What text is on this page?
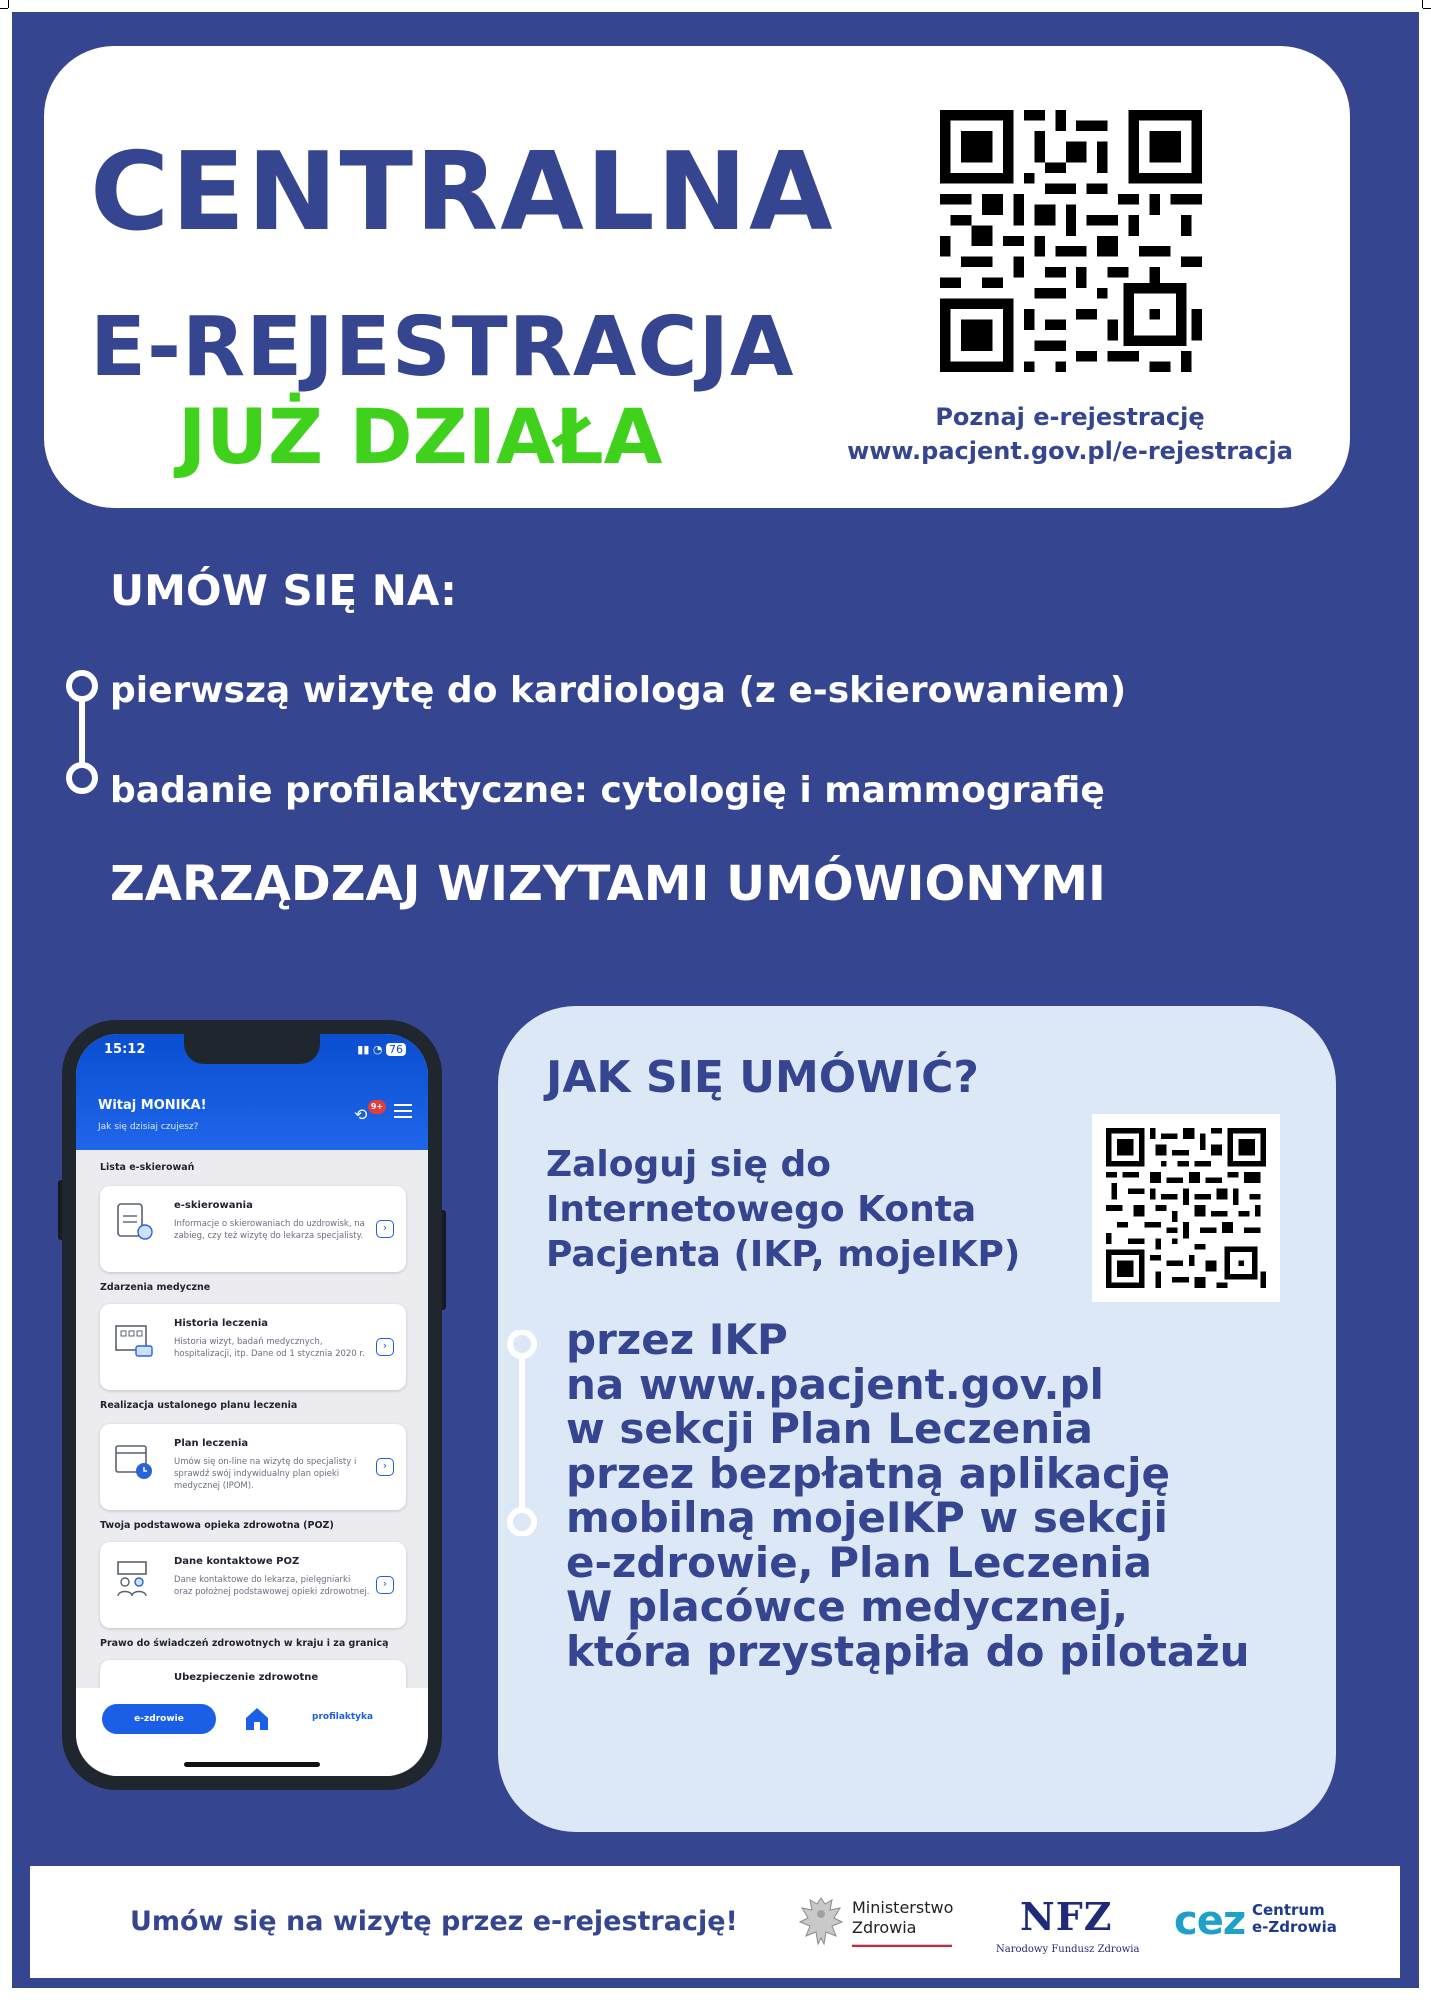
CENTRALNA
E-REJESTRACJA
JUŻ DZIAŁA	Poznaj e-rejestrację
www.pacjent.gov.pl/e-rejestracja
UMÓW SIĘ NA:
pierwszą wizytę do kardiologa (z e-skierowaniem)
badanie profilaktyczne: cytologię i mammografię
ZARZĄDZAJ WIZYTAMI UMÓWIONYMI
15:12	▮▮ ◔ 76
Witaj MONIKA!
Jak się dzisiaj czujesz?
⟲ 9+
Lista e-skierowań
e-skierowania
Informacje o skierowaniach do uzdrowisk, na zabieg, czy też wizytę do lekarza specjalisty.
›
Zdarzenia medyczne
Historia leczenia
Historia wizyt, badań medycznych, hospitalizacji, itp. Dane od 1 stycznia 2020 r.
›
Realizacja ustalonego planu leczenia
Plan leczenia
Umów się on-line na wizytę do specjalisty i sprawdź swój indywidualny plan opieki medycznej (IPOM).
›
Twoja podstawowa opieka zdrowotna (POZ)
Dane kontaktowe POZ
Dane kontaktowe do lekarza, pielęgniarki oraz położnej podstawowej opieki zdrowotnej.
›
Prawo do świadczeń zdrowotnych w kraju i za granicą
Ubezpieczenie zdrowotne
e-zdrowie	profilaktyka
JAK SIĘ UMÓWIĆ?
Zaloguj się do
Internetowego Konta
Pacjenta (IKP, mojeIKP)
przez IKP
na www.pacjent.gov.pl
w sekcji Plan Leczenia
przez bezpłatną aplikację
mobilną mojeIKP w sekcji
e-zdrowie, Plan Leczenia
W placówce medycznej,
która przystąpiła do pilotażu
Umów się na wizytę przez e-rejestrację!	Ministerstwo
Zdrowia	NFZ
Narodowy Fundusz Zdrowia
cez Centrum
e-Zdrowia
